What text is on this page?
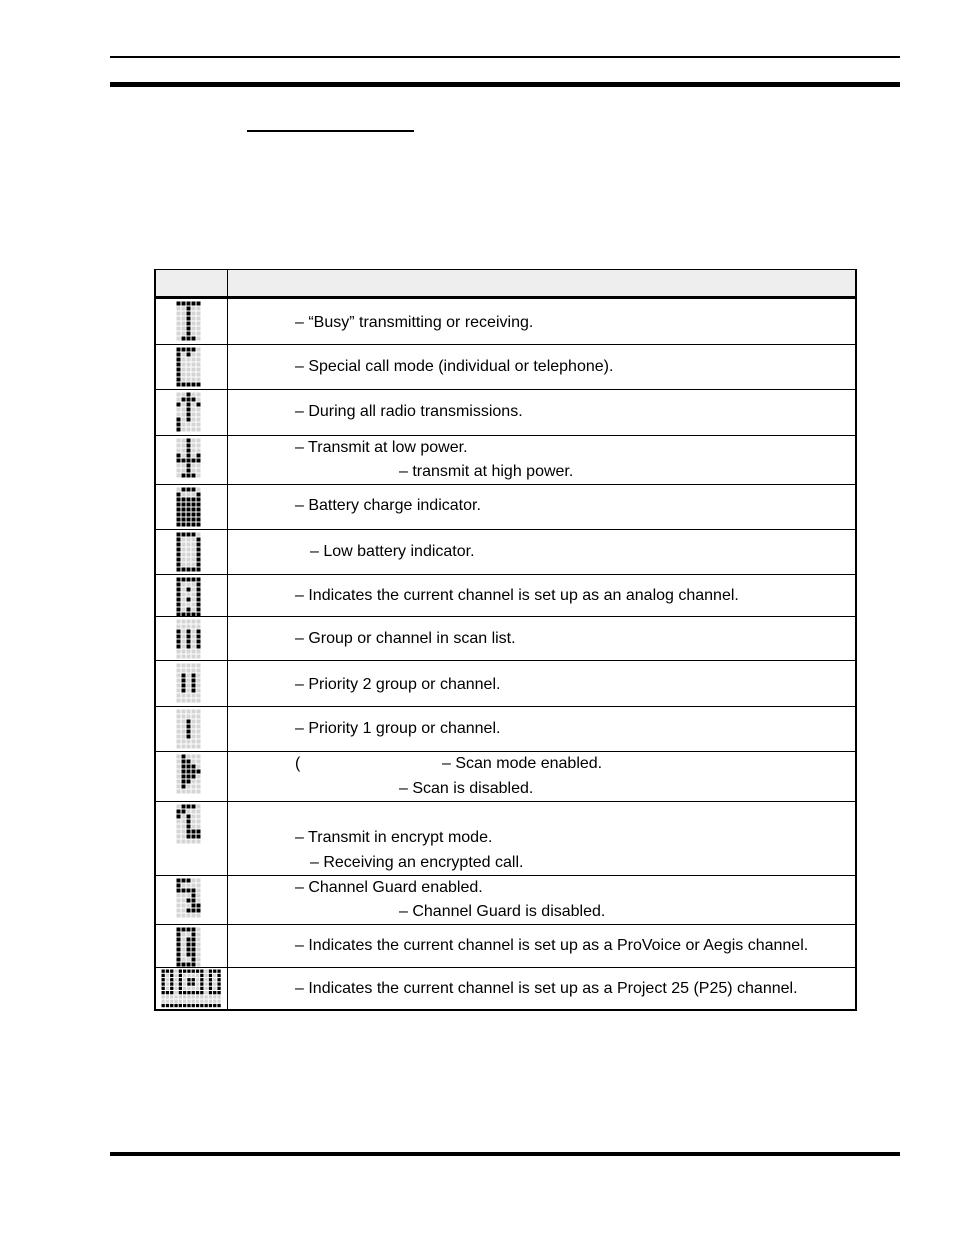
– “Busy” transmitting or receiving.
– Special call mode (individual or telephone).
– During all radio transmissions.
– Transmit at low power.
– transmit at high power.
– Battery charge indicator.
– Low battery indicator.
– Indicates the current channel is set up as an analog channel.
– Group or channel in scan list.
– Priority 2 group or channel.
– Priority 1 group or channel.
(	– Scan mode enabled.
– Scan is disabled.
– Transmit in encrypt mode.
– Receiving an encrypted call.
– Channel Guard enabled.
– Channel Guard is disabled.
– Indicates the current channel is set up as a ProVoice or Aegis channel.
– Indicates the current channel is set up as a Project 25 (P25) channel.
